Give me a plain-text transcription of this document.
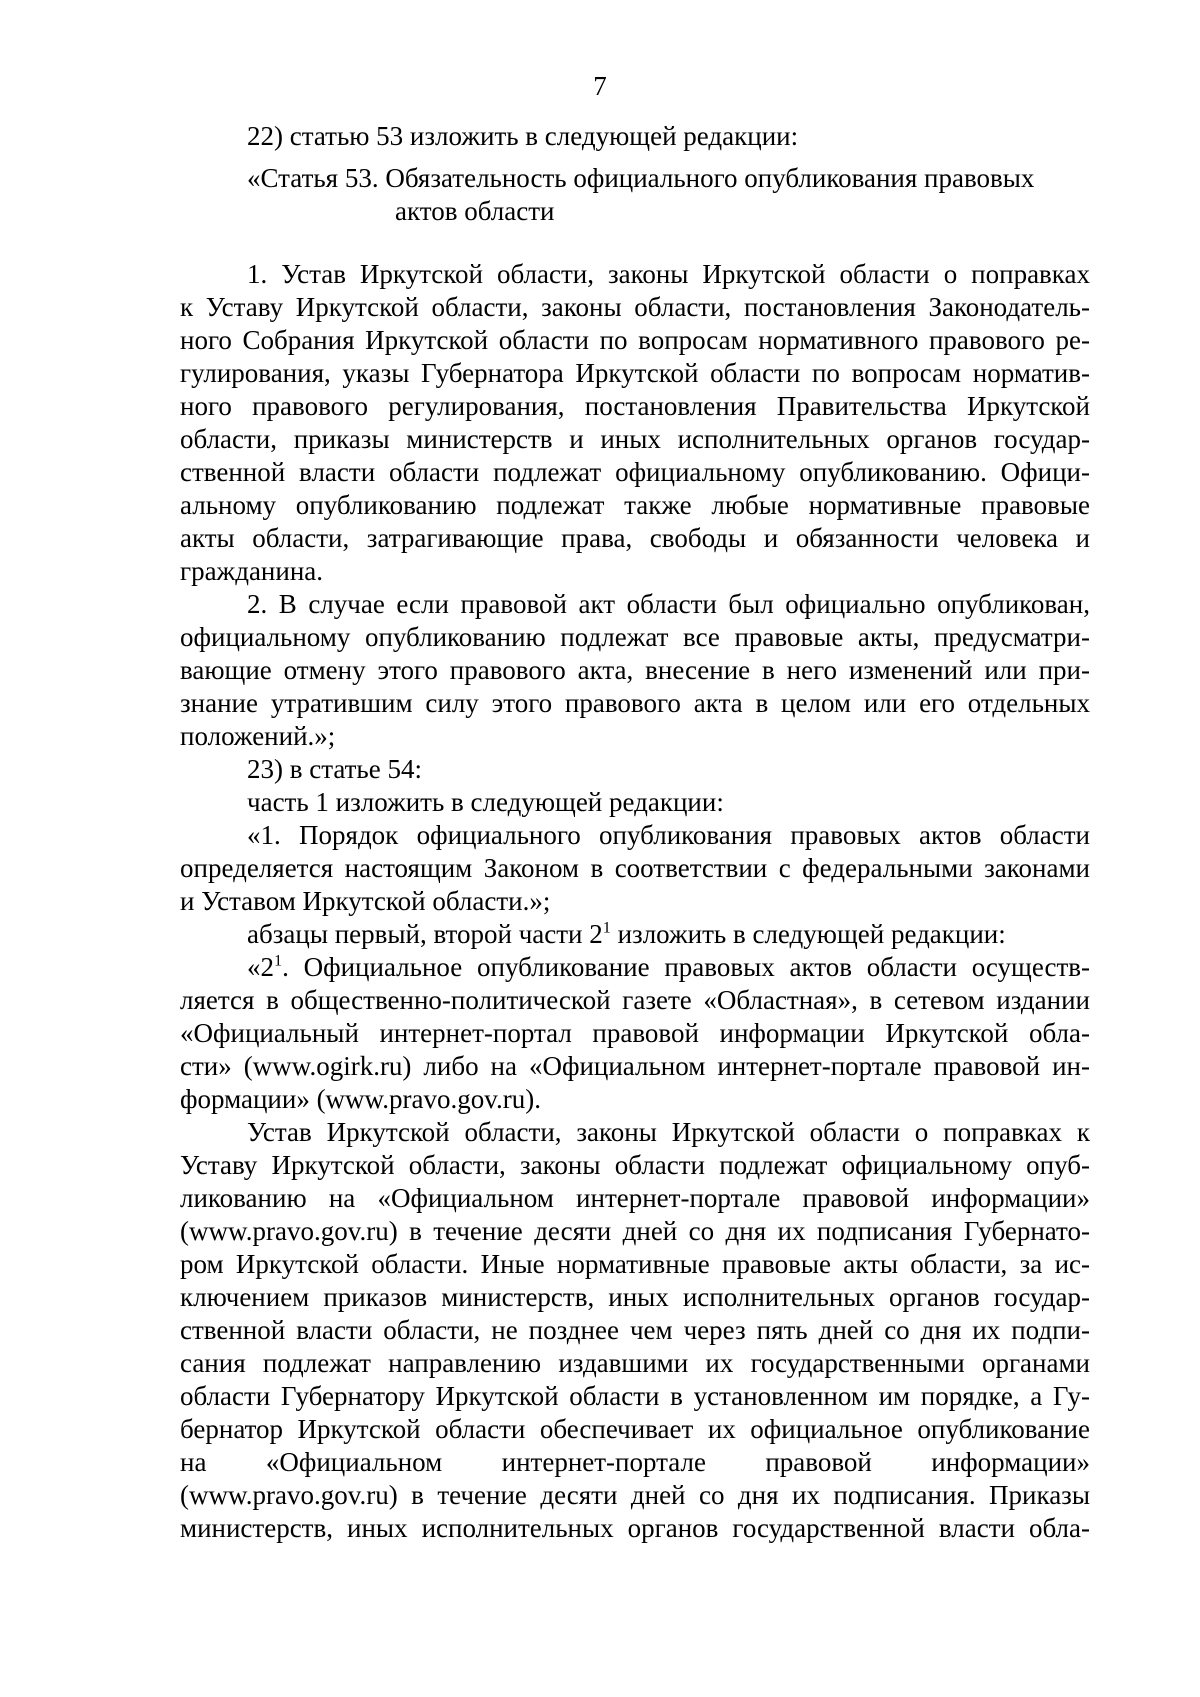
7
22) статью 53 изложить в следующей редакции:
«Статья 53. Обязательность официального опубликования правовых
актов области
1. Устав Иркутской области, законы Иркутской области о поправках
к Уставу Иркутской области, законы области, постановления Законодатель-
ного Собрания Иркутской области по вопросам нормативного правового ре-
гулирования, указы Губернатора Иркутской области по вопросам норматив-
ного правового регулирования, постановления Правительства Иркутской
области, приказы министерств и иных исполнительных органов государ-
ственной власти области подлежат официальному опубликованию. Офици-
альному опубликованию подлежат также любые нормативные правовые
акты области, затрагивающие права, свободы и обязанности человека и
гражданина.
2. В случае если правовой акт области был официально опубликован,
официальному опубликованию подлежат все правовые акты, предусматри-
вающие отмену этого правового акта, внесение в него изменений или при-
знание утратившим силу этого правового акта в целом или его отдельных
положений.»;
23) в статье 54:
часть 1 изложить в следующей редакции:
«1. Порядок официального опубликования правовых актов области
определяется настоящим Законом в соответствии с федеральными законами
и Уставом Иркутской области.»;
абзацы первый, второй части $2^1$ изложить в следующей редакции:
«$2^1$. Официальное опубликование правовых актов области осуществ-
ляется в общественно-политической газете «Областная», в сетевом издании
«Официальный интернет-портал правовой информации Иркутской обла-
сти» (www.ogirk.ru) либо на «Официальном интернет-портале правовой ин-
формации» (www.pravo.gov.ru).
Устав Иркутской области, законы Иркутской области о поправках к
Уставу Иркутской области, законы области подлежат официальному опуб-
ликованию на «Официальном интернет-портале правовой информации»
(www.pravo.gov.ru) в течение десяти дней со дня их подписания Губернато-
ром Иркутской области. Иные нормативные правовые акты области, за ис-
ключением приказов министерств, иных исполнительных органов государ-
ственной власти области, не позднее чем через пять дней со дня их подпи-
сания подлежат направлению издавшими их государственными органами
области Губернатору Иркутской области в установленном им порядке, а Гу-
бернатор Иркутской области обеспечивает их официальное опубликование
на «Официальном интернет-портале правовой информации»
(www.pravo.gov.ru) в течение десяти дней со дня их подписания. Приказы
министерств, иных исполнительных органов государственной власти обла-
